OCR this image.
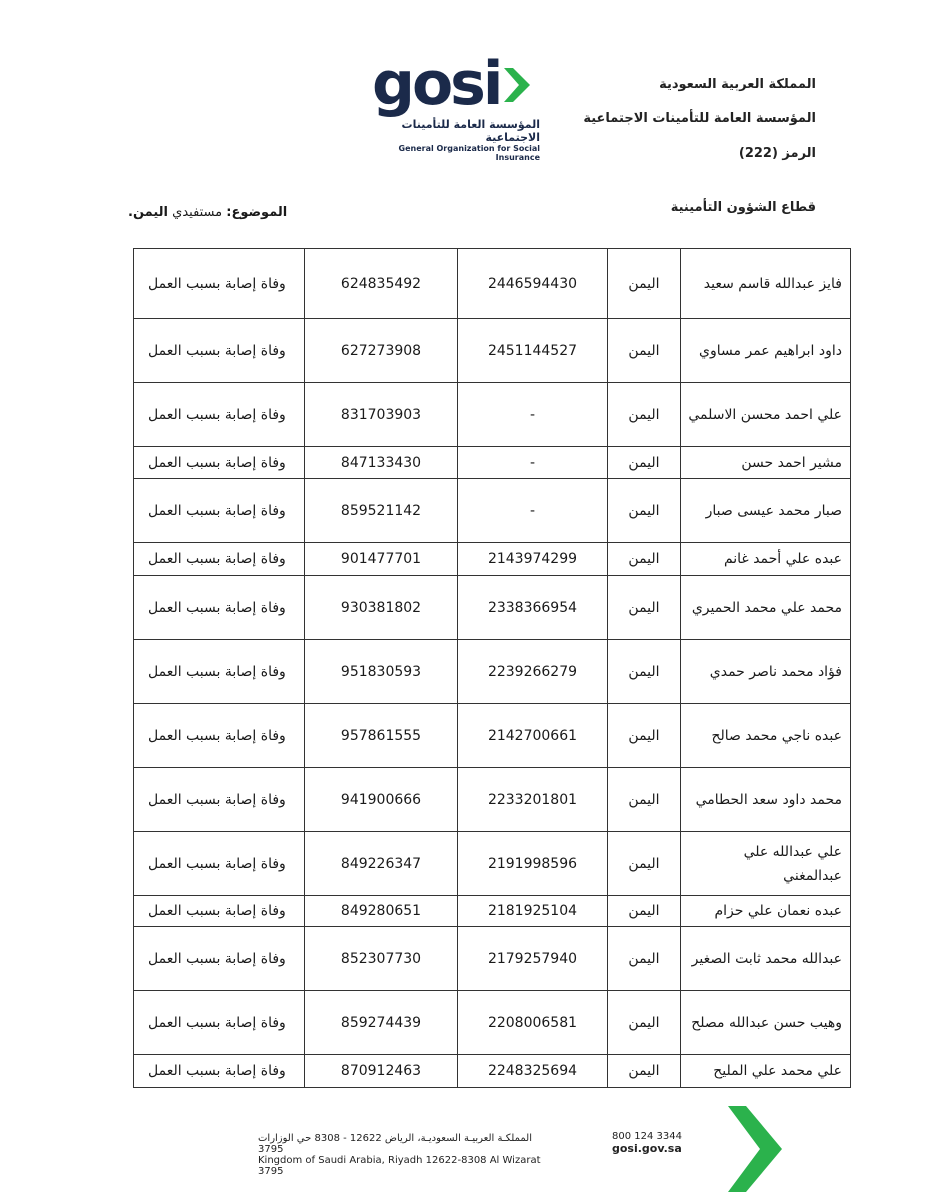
gosi
المؤسسة العامة للتأمينات الاجتماعية
General Organization for Social Insurance
المملكة العربية السعودية
المؤسسة العامة للتأمينات الاجتماعية
الرمز (222)
قطاع الشؤون التأمينية
الموضوع: مستفيدي اليمن.
فايز عبدالله قاسم سعيد	اليمن	2446594430	624835492	وفاة إصابة بسبب العمل
داود ابراهيم عمر مساوي	اليمن	2451144527	627273908	وفاة إصابة بسبب العمل
علي احمد محسن الاسلمي	اليمن	-	831703903	وفاة إصابة بسبب العمل
مشير احمد حسن	اليمن	-	847133430	وفاة إصابة بسبب العمل
صبار محمد عيسى صبار	اليمن	-	859521142	وفاة إصابة بسبب العمل
عبده علي أحمد غانم	اليمن	2143974299	901477701	وفاة إصابة بسبب العمل
محمد علي محمد الحميري	اليمن	2338366954	930381802	وفاة إصابة بسبب العمل
فؤاد محمد ناصر حمدي	اليمن	2239266279	951830593	وفاة إصابة بسبب العمل
عبده ناجي محمد صالح	اليمن	2142700661	957861555	وفاة إصابة بسبب العمل
محمد داود سعد الحطامي	اليمن	2233201801	941900666	وفاة إصابة بسبب العمل
علي عبدالله علي عبدالمغني	اليمن	2191998596	849226347	وفاة إصابة بسبب العمل
عبده نعمان علي حزام	اليمن	2181925104	849280651	وفاة إصابة بسبب العمل
عبدالله محمد ثابت الصغير	اليمن	2179257940	852307730	وفاة إصابة بسبب العمل
وهيب حسن عبدالله مصلح	اليمن	2208006581	859274439	وفاة إصابة بسبب العمل
علي محمد علي المليح	اليمن	2248325694	870912463	وفاة إصابة بسبب العمل
المملكـة العربيـة السعوديـة، الرياض 12622 - 8308 حي الوزارات 3795
Kingdom of Saudi Arabia, Riyadh 12622-8308 Al Wizarat 3795
800 124 3344
gosi.gov.sa
